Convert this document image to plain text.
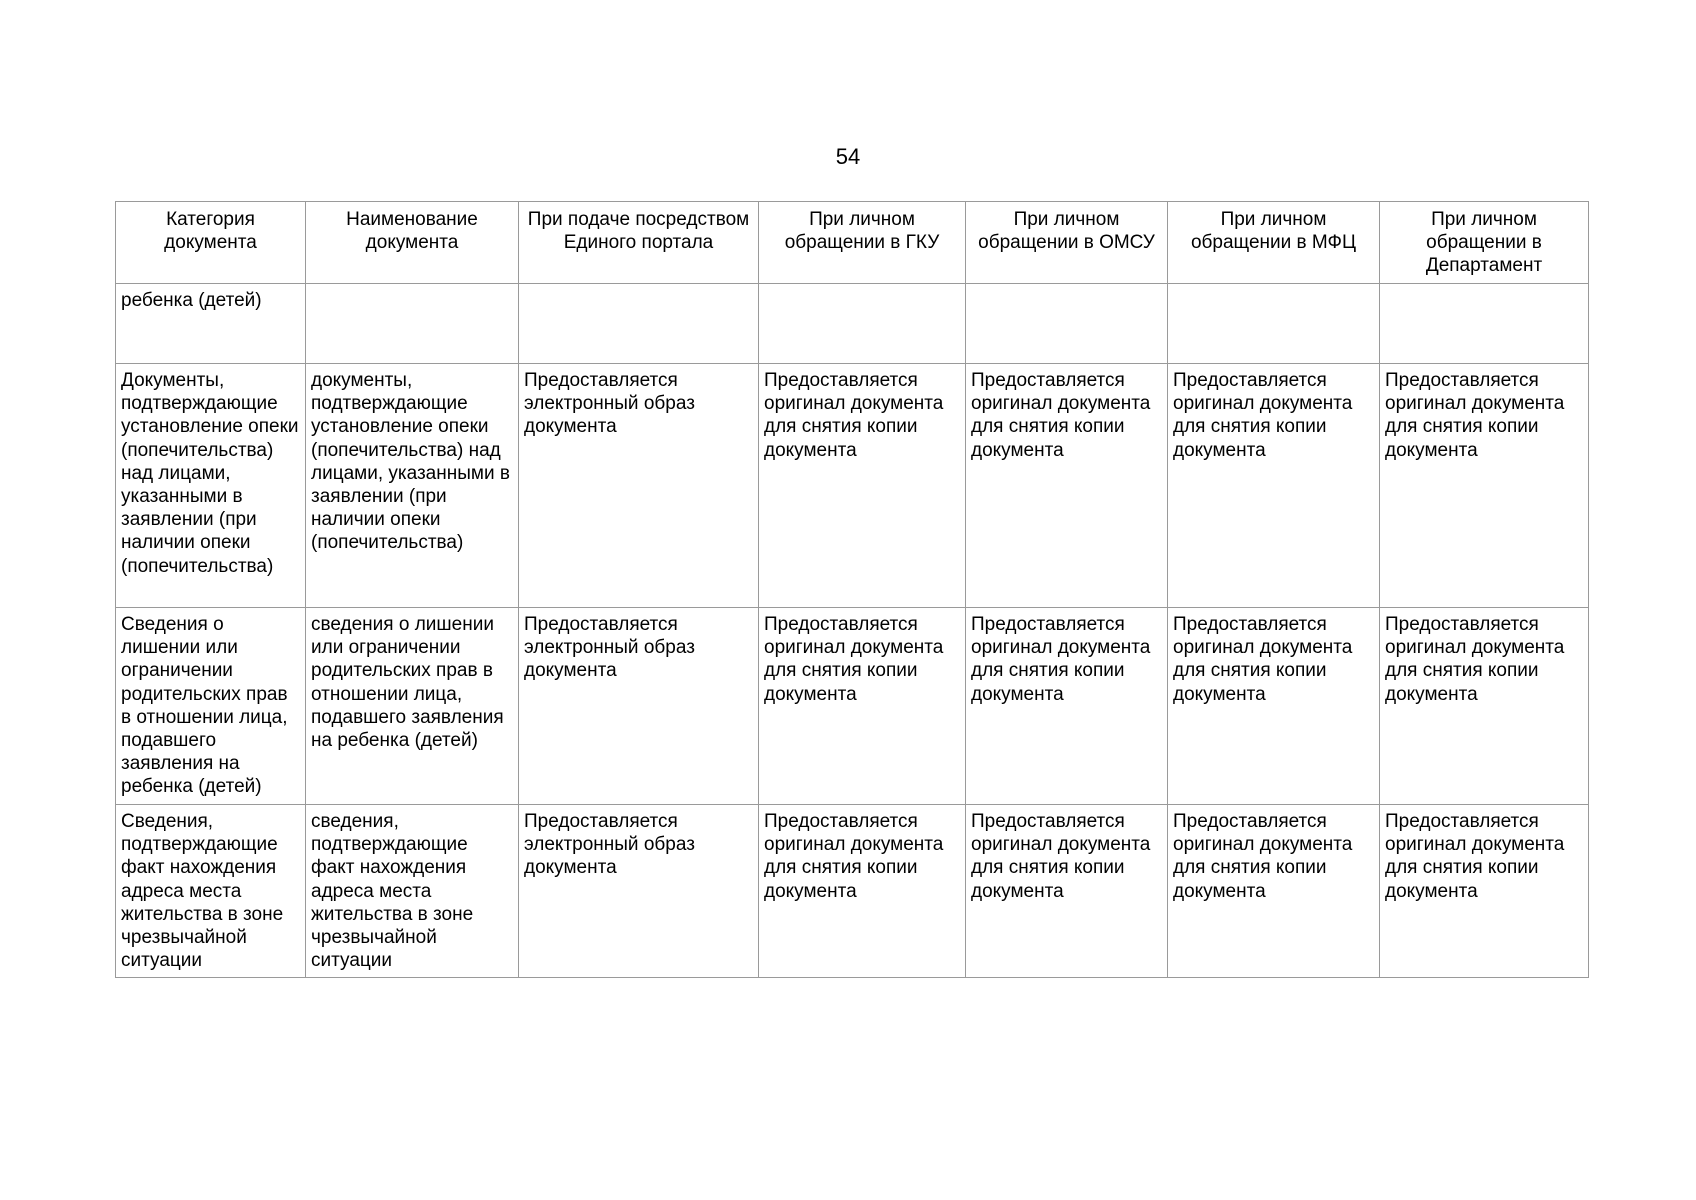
54
Категория документа	Наименование документа	При подаче посредством Единого портала	При личном обращении в ГКУ	При личном обращении в ОМСУ	При личном обращении в МФЦ	При личном обращении в Департамент
ребенка (детей)						
Документы, подтверждающие установление опеки (попечительства) над лицами, указанными в заявлении (при наличии опеки (попечительства)	документы, подтверждающие установление опеки (попечительства) над лицами, указанными в заявлении (при наличии опеки (попечительства)	Предоставляется электронный образ документа	Предоставляется оригинал документа для снятия копии документа	Предоставляется оригинал документа для снятия копии документа	Предоставляется оригинал документа для снятия копии документа	Предоставляется оригинал документа для снятия копии документа
Сведения о лишении или ограничении родительских прав в отношении лица, подавшего заявления на ребенка (детей)	сведения о лишении или ограничении родительских прав в отношении лица, подавшего заявления на ребенка (детей)	Предоставляется электронный образ документа	Предоставляется оригинал документа для снятия копии документа	Предоставляется оригинал документа для снятия копии документа	Предоставляется оригинал документа для снятия копии документа	Предоставляется оригинал документа для снятия копии документа
Сведения, подтверждающие факт нахождения адреса места жительства в зоне чрезвычайной ситуации	сведения, подтверждающие факт нахождения адреса места жительства в зоне чрезвычайной ситуации	Предоставляется электронный образ документа	Предоставляется оригинал документа для снятия копии документа	Предоставляется оригинал документа для снятия копии документа	Предоставляется оригинал документа для снятия копии документа	Предоставляется оригинал документа для снятия копии документа
